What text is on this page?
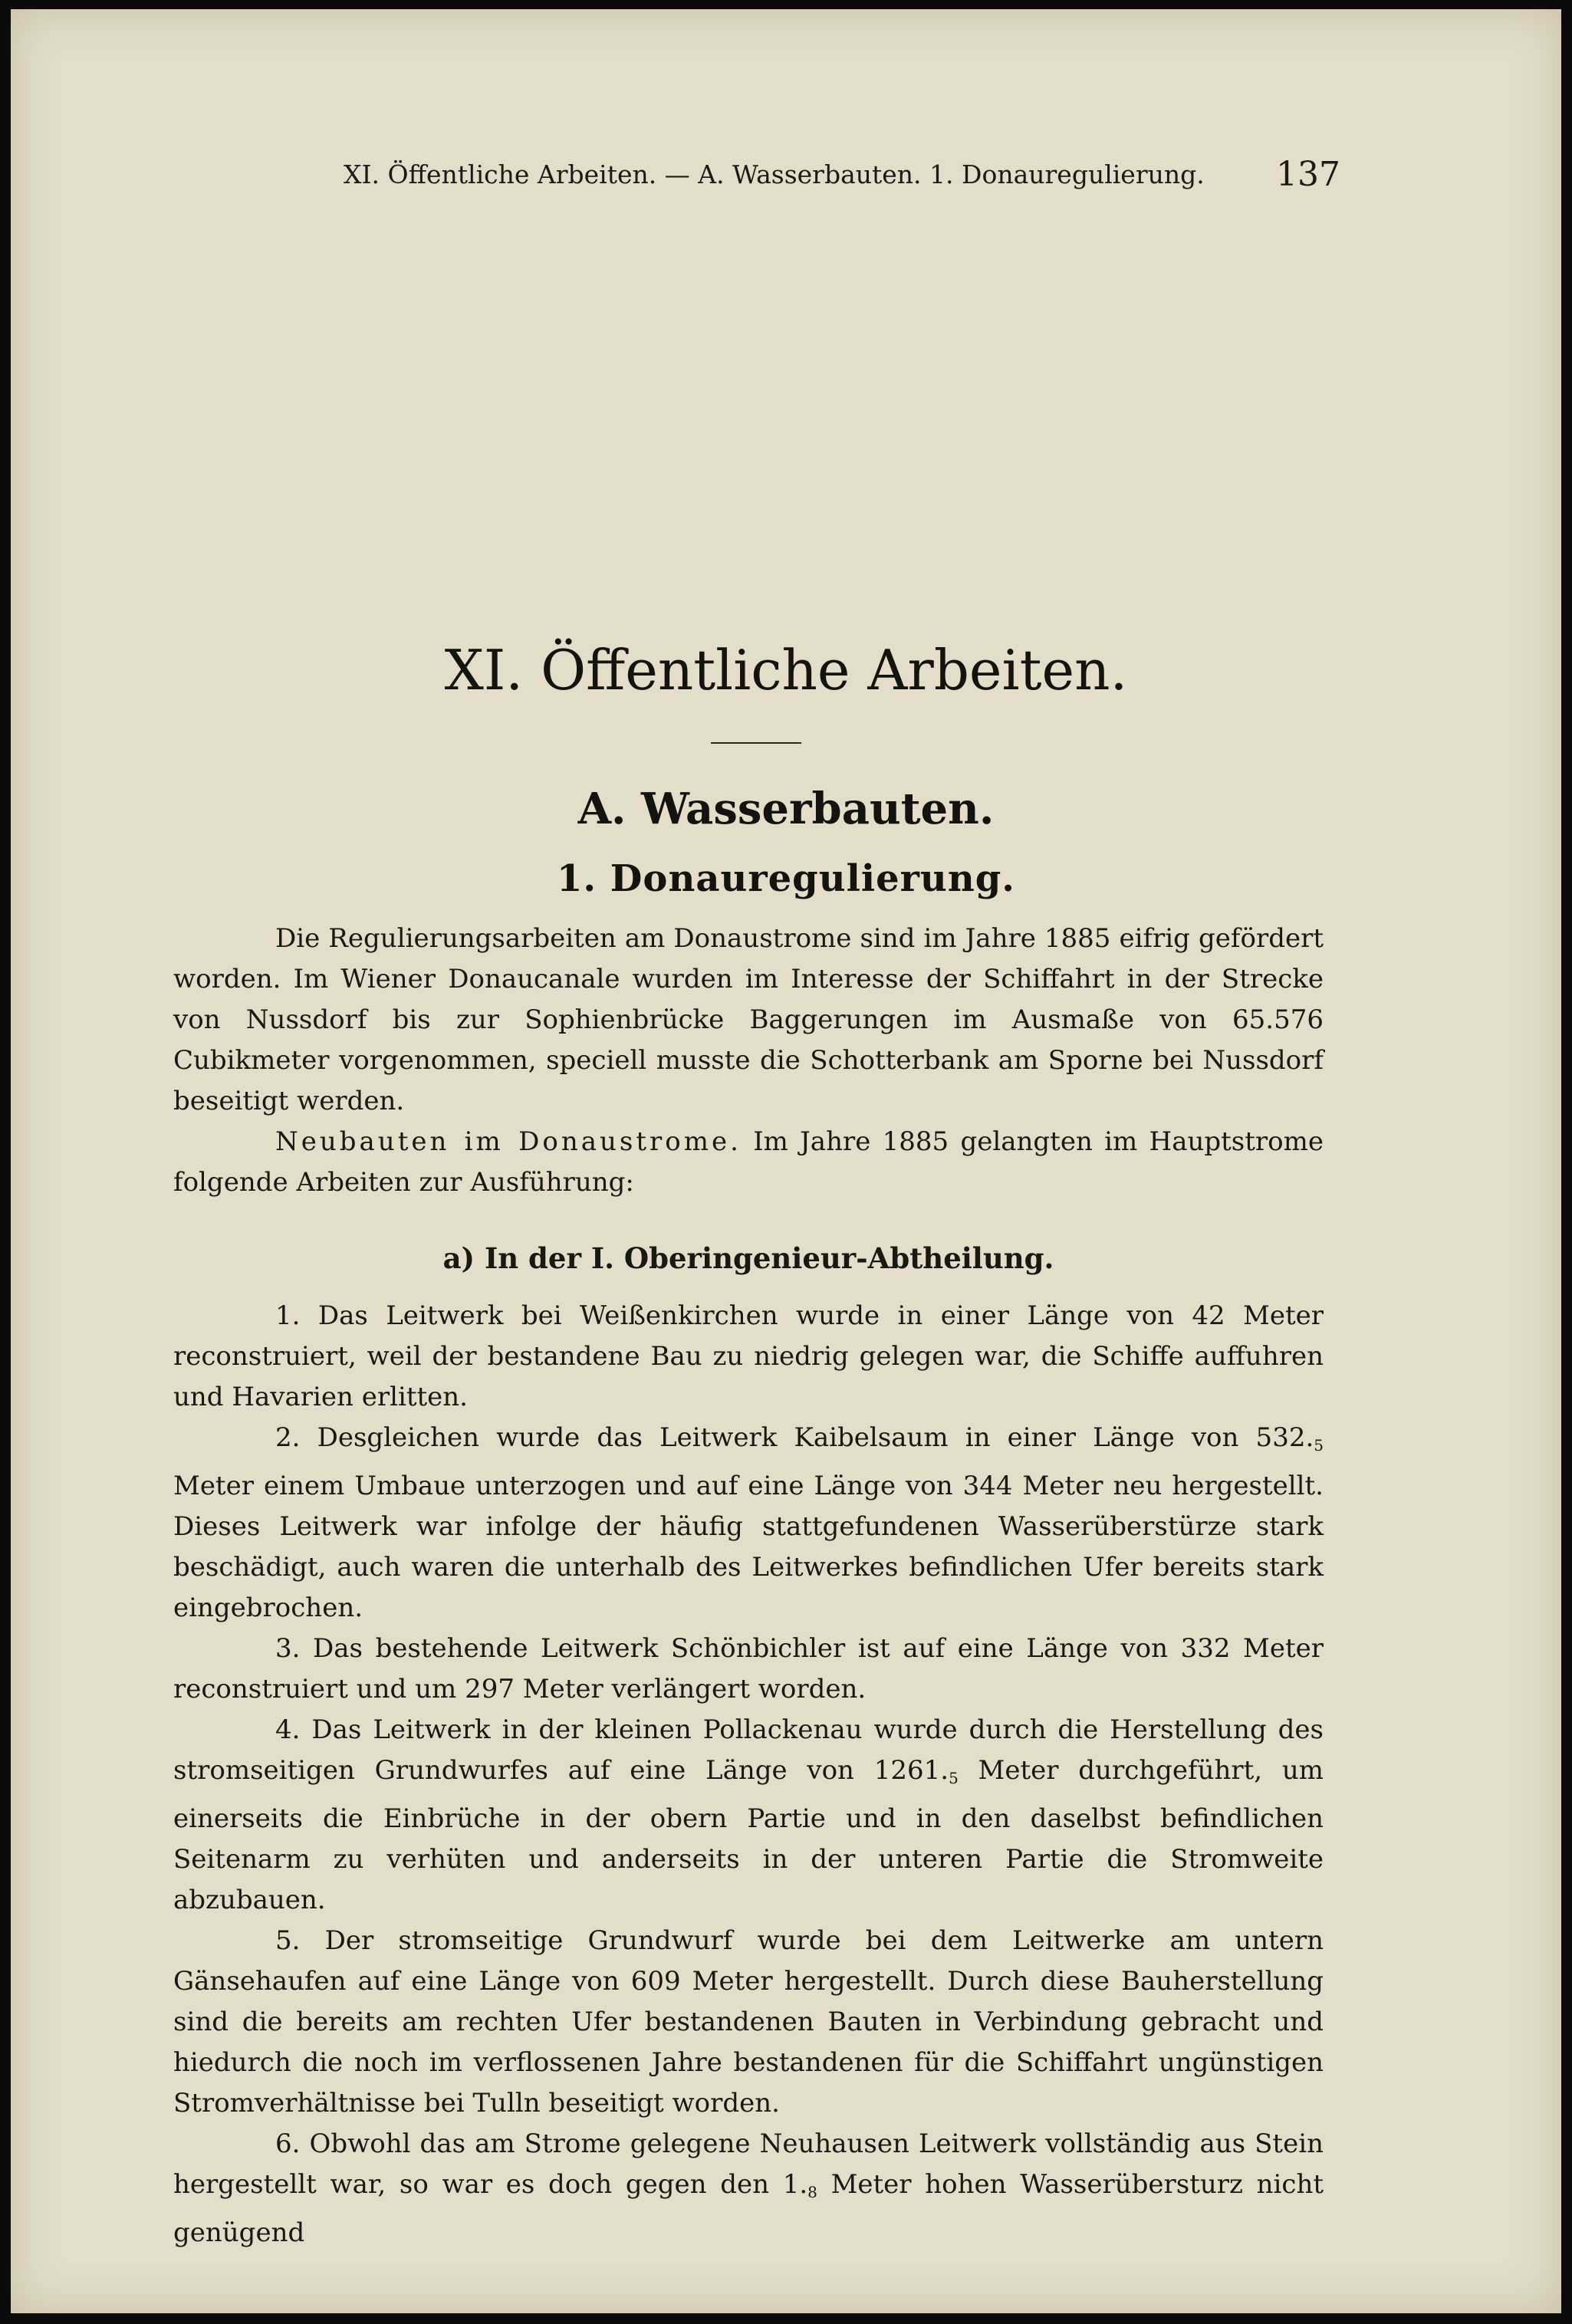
XI. Öffentliche Arbeiten. — A. Wasserbauten. 1. Donauregulierung. 137
XI. Öffentliche Arbeiten.
A. Wasserbauten.
1. Donauregulierung.

Die Regulierungsarbeiten am Donaustrome sind im Jahre 1885 eifrig gefördert worden. Im Wiener Donaucanale wurden im Interesse der Schiffahrt in der Strecke von Nussdorf bis zur Sophienbrücke Baggerungen im Ausmaße von 65.576 Cubikmeter vorgenommen, speciell musste die Schotterbank am Sporne bei Nussdorf beseitigt werden.

Neubauten im Donaustrome. Im Jahre 1885 gelangten im Hauptstrome folgende Arbeiten zur Ausführung:

a) In der I. Oberingenieur-Abtheilung.

1. Das Leitwerk bei Weißenkirchen wurde in einer Länge von 42 Meter reconstruiert, weil der bestandene Bau zu niedrig gelegen war, die Schiffe auffuhren und Havarien erlitten.

2. Desgleichen wurde das Leitwerk Kaibelsaum in einer Länge von $532._5$ Meter einem Umbaue unterzogen und auf eine Länge von 344 Meter neu hergestellt. Dieses Leitwerk war infolge der häufig stattgefundenen Wasserüberstürze stark beschädigt, auch waren die unterhalb des Leitwerkes befindlichen Ufer bereits stark eingebrochen.

3. Das bestehende Leitwerk Schönbichler ist auf eine Länge von 332 Meter reconstruiert und um 297 Meter verlängert worden.

4. Das Leitwerk in der kleinen Pollackenau wurde durch die Herstellung des stromseitigen Grundwurfes auf eine Länge von $1261._5$ Meter durchgeführt, um einerseits die Einbrüche in der obern Partie und in den daselbst befindlichen Seitenarm zu verhüten und anderseits in der unteren Partie die Stromweite abzubauen.

5. Der stromseitige Grundwurf wurde bei dem Leitwerke am untern Gänsehaufen auf eine Länge von 609 Meter hergestellt. Durch diese Bauherstellung sind die bereits am rechten Ufer bestandenen Bauten in Verbindung gebracht und hiedurch die noch im verflossenen Jahre bestandenen für die Schiffahrt ungünstigen Stromverhältnisse bei Tulln beseitigt worden.

6. Obwohl das am Strome gelegene Neuhausen Leitwerk vollständig aus Stein hergestellt war, so war es doch gegen den $1._8$ Meter hohen Wasserübersturz nicht genügend
